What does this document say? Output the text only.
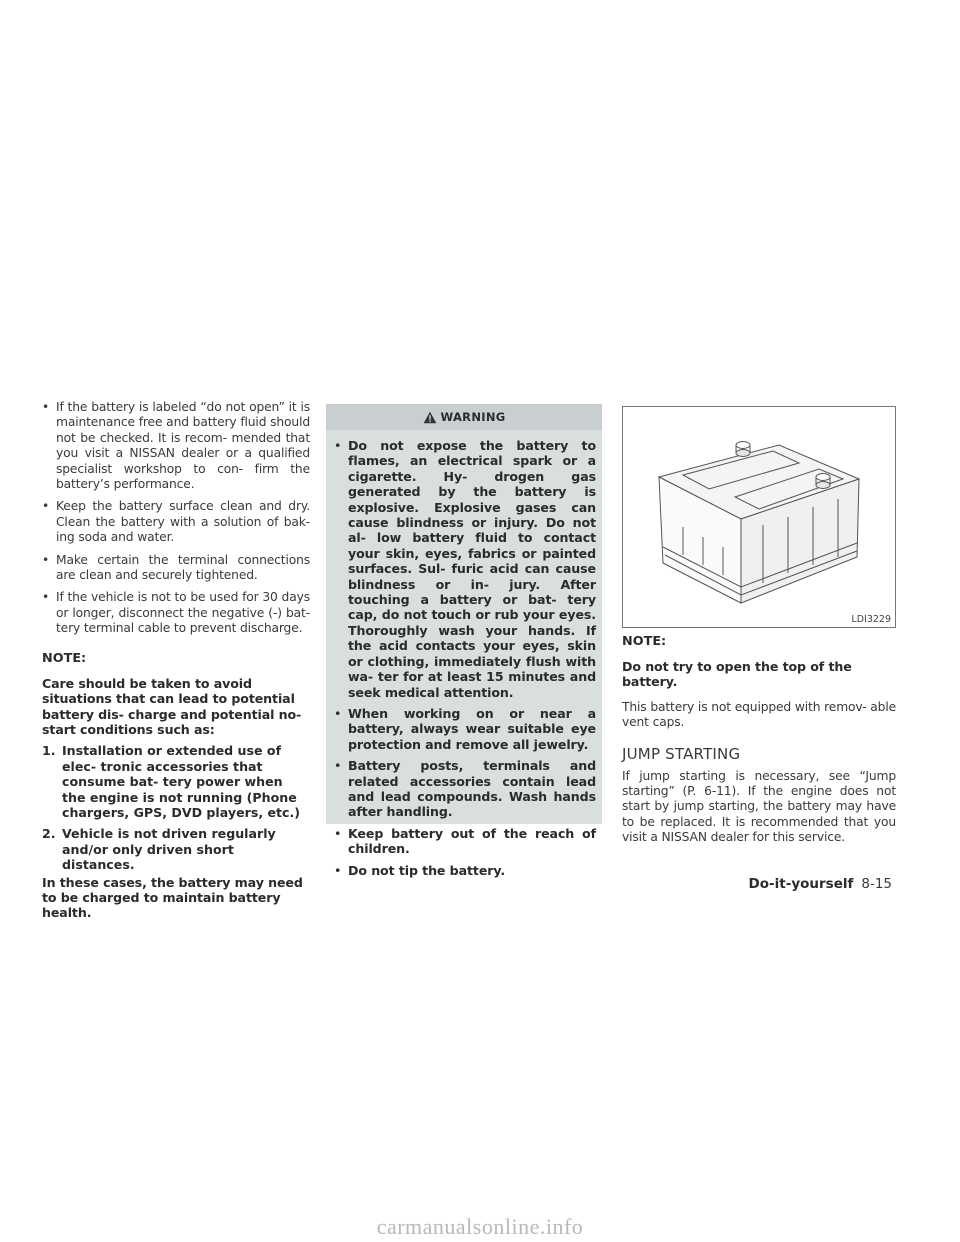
• If the battery is labeled “do not open” it is maintenance free and battery fluid should not be checked. It is recom- mended that you visit a NISSAN dealer or a qualified specialist workshop to con- firm the battery’s performance.
• Keep the battery surface clean and dry. Clean the battery with a solution of bak- ing soda and water.
• Make certain the terminal connections are clean and securely tightened.
• If the vehicle is not to be used for 30 days or longer, disconnect the negative (-) bat- tery terminal cable to prevent discharge.
NOTE:
Care should be taken to avoid situations that can lead to potential battery dis- charge and potential no-start conditions such as:
1. Installation or extended use of elec- tronic accessories that consume bat- tery power when the engine is not running (Phone chargers, GPS, DVD players, etc.)
2. Vehicle is not driven regularly and/or only driven short distances.
In these cases, the battery may need to be charged to maintain battery health.
WARNING
• Do not expose the battery to flames, an electrical spark or a cigarette. Hy- drogen gas generated by the battery is explosive. Explosive gases can cause blindness or injury. Do not al- low battery fluid to contact your skin, eyes, fabrics or painted surfaces. Sul- furic acid can cause blindness or in- jury. After touching a battery or bat- tery cap, do not touch or rub your eyes. Thoroughly wash your hands. If the acid contacts your eyes, skin or clothing, immediately flush with wa- ter for at least 15 minutes and seek medical attention.
• When working on or near a battery, always wear suitable eye protection and remove all jewelry.
• Battery posts, terminals and related accessories contain lead and lead compounds. Wash hands after handling.
• Keep battery out of the reach of children.
• Do not tip the battery.
LDI3229
NOTE:
Do not try to open the top of the battery.
This battery is not equipped with remov- able vent caps.
JUMP STARTING
If jump starting is necessary, see “Jump starting” (P. 6-11). If the engine does not start by jump starting, the battery may have to be replaced. It is recommended that you visit a NISSAN dealer for this service.
Do-it-yourself 8-15
carmanualsonline.info
